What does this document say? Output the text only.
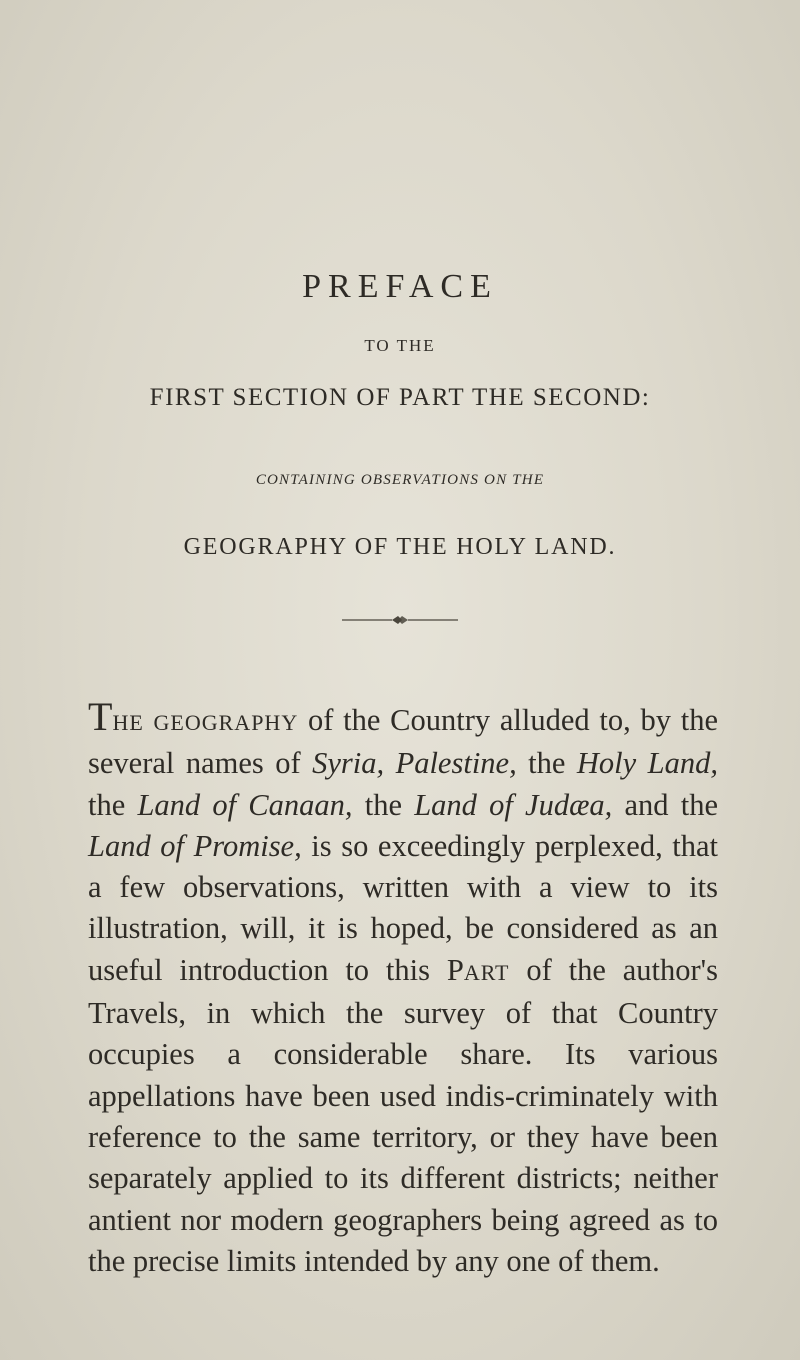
PREFACE
TO THE
FIRST SECTION OF PART THE SECOND:
CONTAINING OBSERVATIONS ON THE
GEOGRAPHY OF THE HOLY LAND.

THE GEOGRAPHY of the Country alluded to, by the several names of Syria, Palestine, the Holy Land, the Land of Canaan, the Land of Judæa, and the Land of Promise, is so exceedingly perplexed, that a few observations, written with a view to its illustration, will, it is hoped, be considered as an useful introduction to this PART of the author's Travels, in which the survey of that Country occupies a considerable share. Its various appellations have been used indis-criminately with reference to the same territory, or they have been separately applied to its different districts; neither antient nor modern geographers being agreed as to the precise limits intended by any one of them.
